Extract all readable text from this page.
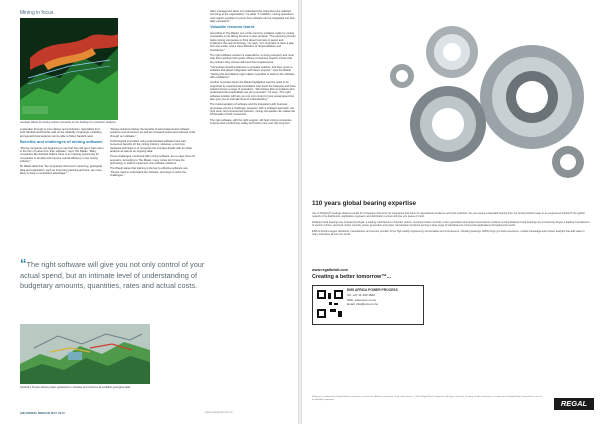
Mining in focus
Geologic allows for testing various scenarios on the desktop for production analysis.

exploration through to mine design and production. Specialists from both Sandvik and Reichle sold on the reliability of geologic modelling and geotechnical analysis can be able to follow Sandvik team.

Benefits and challenges of mining software

"Mining companies are beginning to see that they will get a high return in the form of value from their software," says The Rlauki. "Many companies like Sandvik believe there is an ongoing opportunity for companies to simplify and improve overall efficiency in the mining industry."

Mr Rlauki adds that "the companies that excel in planning, geological data and exploration, such as improving planning and time, are more likely to have a competitive advantage."

"Design solutions deliver the benefits of well-implemented software solutions and structured, as well as increased output and reduced costs through our software."

Technological innovation using sophisticated software have had numerous benefits for the mining industry. However, a common hardware technique is to recognise the complex details with an initial analysis as well as an ongoing data.

These challenges, combined with mining software, are a major focus for operators. According to The Rlauki, many mines don't have the technology or staff to implement new software solutions.

The Rlauki states that training is the key to effective software use; "People need to understand the software, and ways to solve the challenges."

often management does not understand the value that new software can bring to the organisation," he adds. "In addition, mining operations now require suppliers to prove how software can be integrated into their daily operations."

Valuable lessons learnt

According to The Rlauki, one of the common mistakes made by mining companies is not taking the time to plan properly. "The planning process helps mining companies to think about how best to select and implement the new technology," he says. "It is important to have a plan from the outset, and a clear definition of responsibilities and timeframes."

The right software solution is essential for a mining company and must help them achieve their goals. Mining companies need to ensure that any solution they choose will meet their requirements.

"Companies should implement a complete solution, and then move to software that allows integration with future projects," says the Rlauki. "Getting the foundations right makes it possible to build on the software with confidence."

Another important factor the Rlauki highlighted was the need to be supported by experienced consultants who know the business and have worked across a range of operations. "We believe that consultants who understand the practicalities are very important," he says. "The right software solution will help you not only control of your actual spend but also give you an intimate level of understanding."

The implementation of software and the integration with business processes can be a challenge. However, with a strategic approach, the right tools, and experienced partners, mining companies can realise the full benefits of their investment.

The right software, with the right support, will help mining companies improve their productivity, safety and bottom line over the long term.

“The right software will give you not only control of your actual spend, but an intimate level of understanding of budgetary amounts, quantities, rates and actual costs.
Sandvik's Surpac allows project geologists to visualise and interpret all available geological data.
[28] MINING MIRROR MAY 2013	www.miningmirror.co.za
110 years global bearing expertise

Use of Rollway® bearings delivers results for companies that strive for companies that strive for operational excellence and cost reduction. Do you require a standard bearing from our broad product range or an engineered solution? Our global network of its distributors, application engineers and distribution centres will give you peace of mind.

Rollway brand bearings are provided by Regal, a leading manufacturer of electric motors, electrical motion controls, power generation and power transmission products serving Rollway brand bearings are provided by Regal, a leading manufacturer of electric motors, electrical motion controls, power generation and power transmission products serving a wide range of industrial and commercial applications throughout the world.

EMS is Africa's largest distributor, manufacturer and service provider of the high quality engineering consumables and components, including bearings. EMS brings you field experience, market knowledge and product analysis that add value in many industries all over the world.

www.regalbeloit.com
Creating a better tomorrow™...
EMS AFRICA POWER PROCESS
Tel: +27 11 430 1840
Web: www.ems.co.za
Email: info@ems.co.za
Rollway is a trademark of Regal Beloit Corporation or one of its affiliated companies. Used under license. ©2013 Regal Beloit Corporation. All rights reserved. Creating a better tomorrow is a trademark of Regal Beloit Corporation or one of its affiliated companies.	REGAL
